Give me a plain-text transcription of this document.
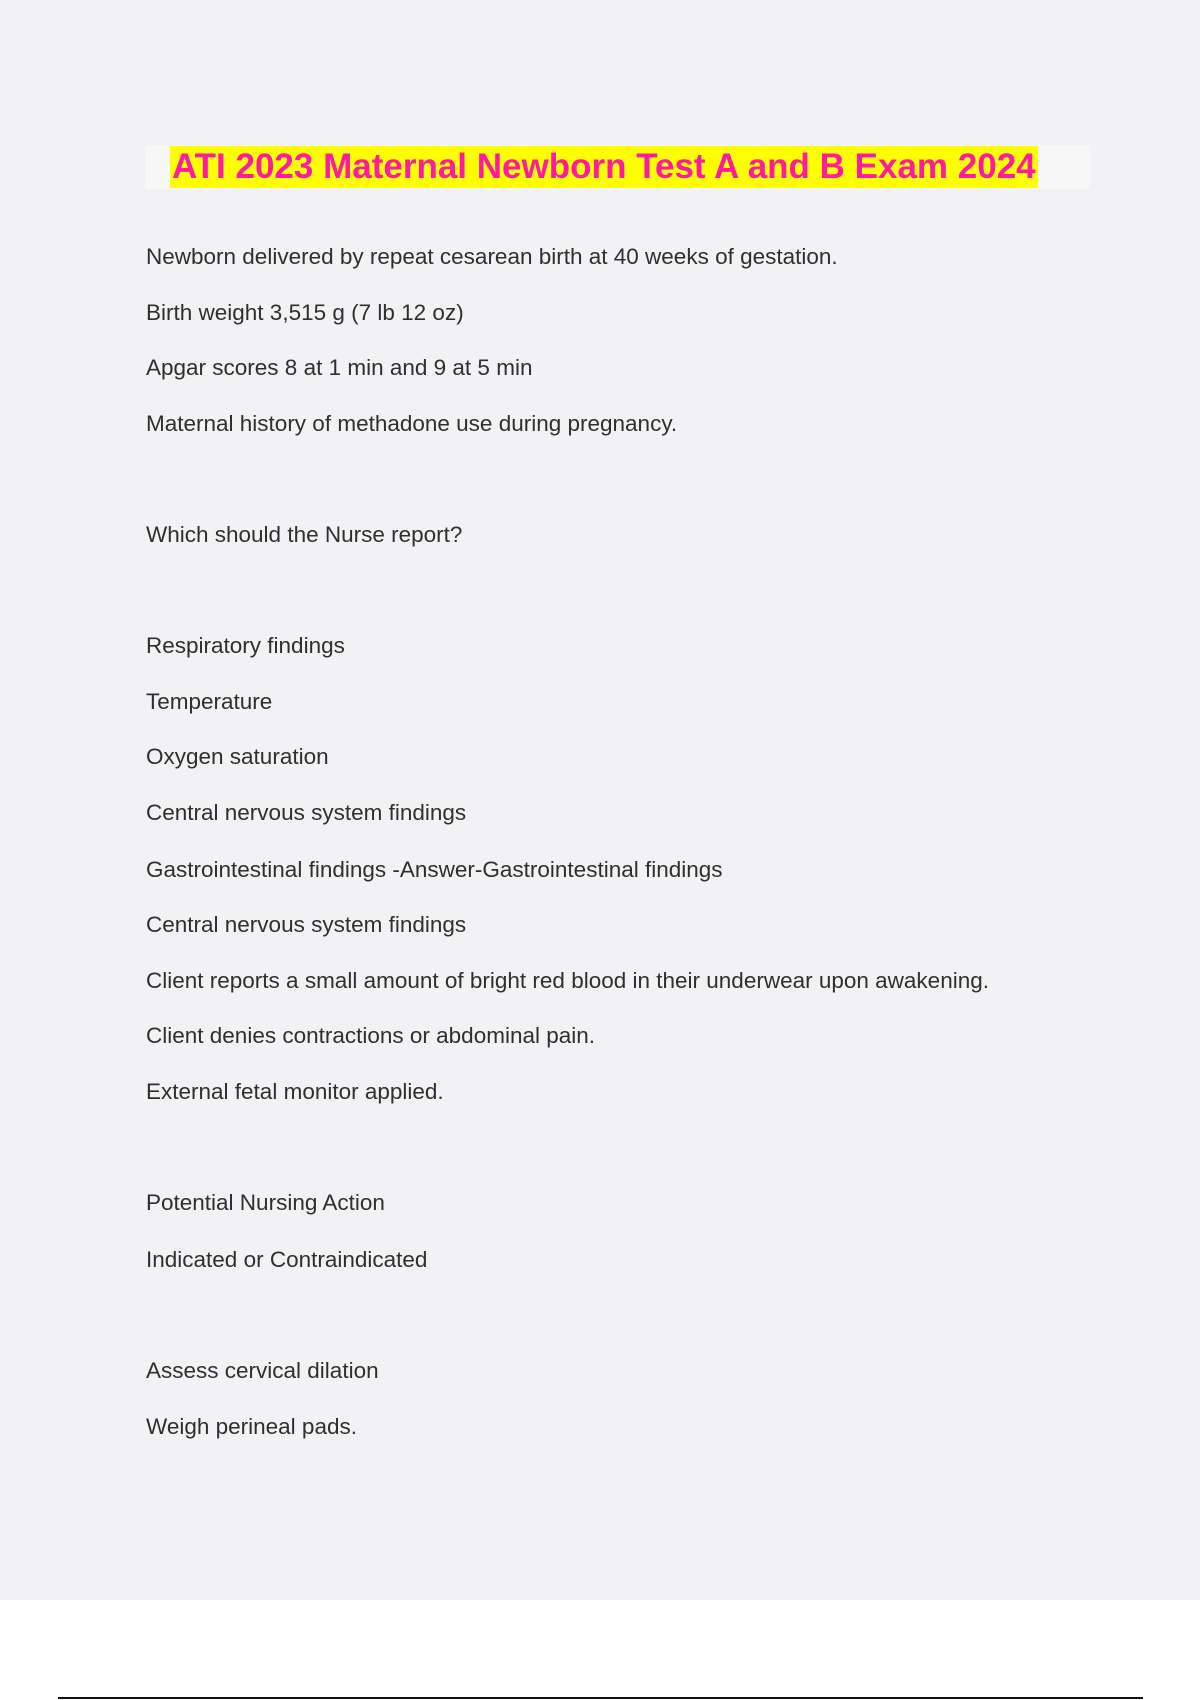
ATI 2023 Maternal Newborn Test A and B Exam 2024
Newborn delivered by repeat cesarean birth at 40 weeks of gestation.
Birth weight 3,515 g (7 lb 12 oz)
Apgar scores 8 at 1 min and 9 at 5 min
Maternal history of methadone use during pregnancy.
Which should the Nurse report?
Respiratory findings
Temperature
Oxygen saturation
Central nervous system findings
Gastrointestinal findings -Answer-Gastrointestinal findings
Central nervous system findings
Client reports a small amount of bright red blood in their underwear upon awakening.
Client denies contractions or abdominal pain.
External fetal monitor applied.
Potential Nursing Action
Indicated or Contraindicated
Assess cervical dilation
Weigh perineal pads.
